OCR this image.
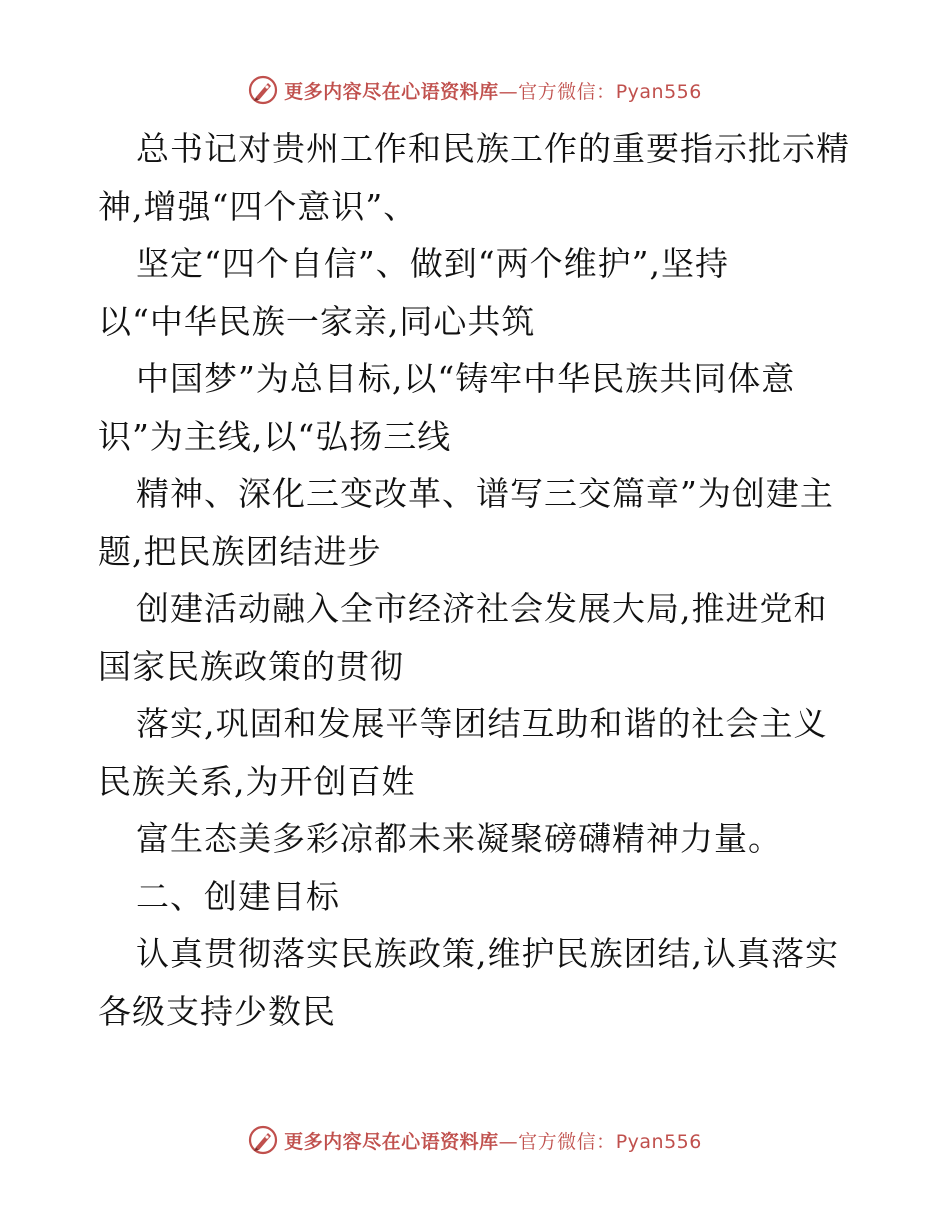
更多内容尽在心语资料库—官方微信：Pyan556
总书记对贵州工作和民族工作的重要指示批示精
神,增强“四个意识”、
坚定“四个自信”、做到“两个维护”,坚持
以“中华民族一家亲,同心共筑
中国梦”为总目标,以“铸牢中华民族共同体意
识”为主线,以“弘扬三线
精神、深化三变改革、谱写三交篇章”为创建主
题,把民族团结进步
创建活动融入全市经济社会发展大局,推进党和
国家民族政策的贯彻
落实,巩固和发展平等团结互助和谐的社会主义
民族关系,为开创百姓
富生态美多彩凉都未来凝聚磅礴精神力量。
二、创建目标
认真贯彻落实民族政策,维护民族团结,认真落实
各级支持少数民
更多内容尽在心语资料库—官方微信：Pyan556
